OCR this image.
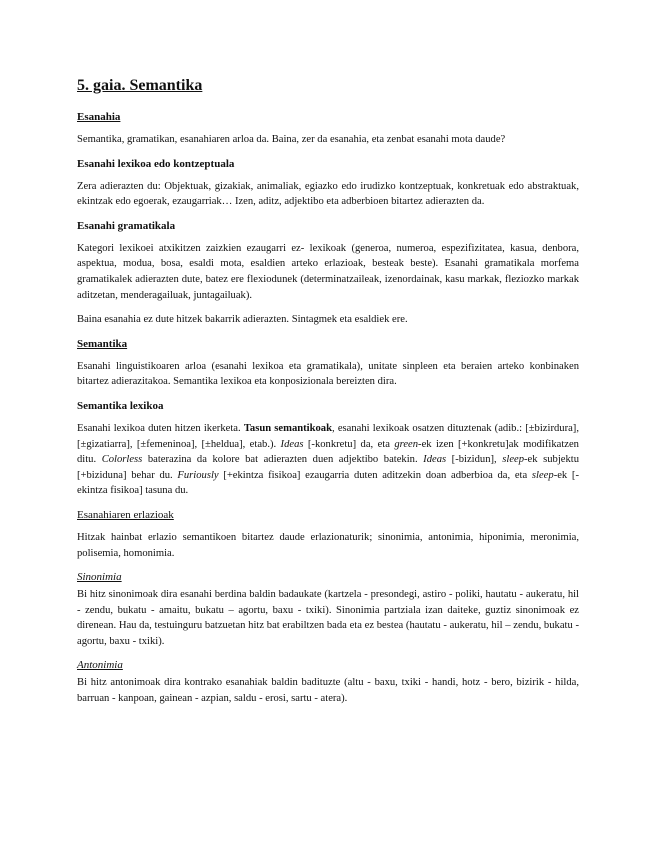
5. gaia. Semantika
Esanahia

Semantika, gramatikan, esanahiaren arloa da. Baina, zer da esanahia, eta zenbat esanahi mota daude?

Esanahi lexikoa edo kontzeptuala

Zera adierazten du: Objektuak, gizakiak, animaliak, egiazko edo irudizko kontzeptuak, konkretuak edo abstraktuak, ekintzak edo egoerak, ezaugarriak… Izen, aditz, adjektibo eta adberbioen bitartez adierazten da.

Esanahi gramatikala

Kategori lexikoei atxikitzen zaizkien ezaugarri ez- lexikoak (generoa, numeroa, espezifizitatea, kasua, denbora, aspektua, modua, bosa, esaldi mota, esaldien arteko erlazioak, besteak beste). Esanahi gramatikala morfema gramatikalek adierazten dute, batez ere flexiodunek (determinatzaileak, izenordainak, kasu markak, fleziozko markak aditzetan, menderagailuak, juntagailuak).

Baina esanahia ez dute hitzek bakarrik adierazten. Sintagmek eta esaldiek ere.

Semantika

Esanahi linguistikoaren arloa (esanahi lexikoa eta gramatikala), unitate sinpleen eta beraien arteko konbinaken bitartez adierazitakoa. Semantika lexikoa eta konposizionala bereizten dira.

Semantika lexikoa

Esanahi lexikoa duten hitzen ikerketa. Tasun semantikoak, esanahi lexikoak osatzen dituztenak (adib.: [±bizirdura], [±gizatiarra], [±femeninoa], [±heldua], etab.). Ideas [-konkretu] da, eta green-ek izen [+konkretu]ak modifikatzen ditu. Colorless baterazina da kolore bat adierazten duen adjektibo batekin. Ideas [-bizidun], sleep-ek subjektu [+biziduna] behar du. Furiously [+ekintza fisikoa] ezaugarria duten aditzekin doan adberbioa da, eta sleep-ek [- ekintza fisikoa] tasuna du.

Esanahiaren erlazioak

Hitzak hainbat erlazio semantikoen bitartez daude erlazionaturik; sinonimia, antonimia, hiponimia, meronimia, polisemia, homonimia.

Sinonimia

Bi hitz sinonimoak dira esanahi berdina baldin badaukate (kartzela - presondegi, astiro - poliki, hautatu - aukeratu, hil - zendu, bukatu - amaitu, bukatu – agortu, baxu - txiki). Sinonimia partziala izan daiteke, guztiz sinonimoak ez direnean. Hau da, testuinguru batzuetan hitz bat erabiltzen bada eta ez bestea (hautatu - aukeratu, hil – zendu, bukatu - agortu, baxu - txiki).

Antonimia

Bi hitz antonimoak dira kontrako esanahiak baldin badituzte (altu - baxu, txiki - handi, hotz - bero, bizirik - hilda, barruan - kanpoan, gainean - azpian, saldu - erosi, sartu - atera).
